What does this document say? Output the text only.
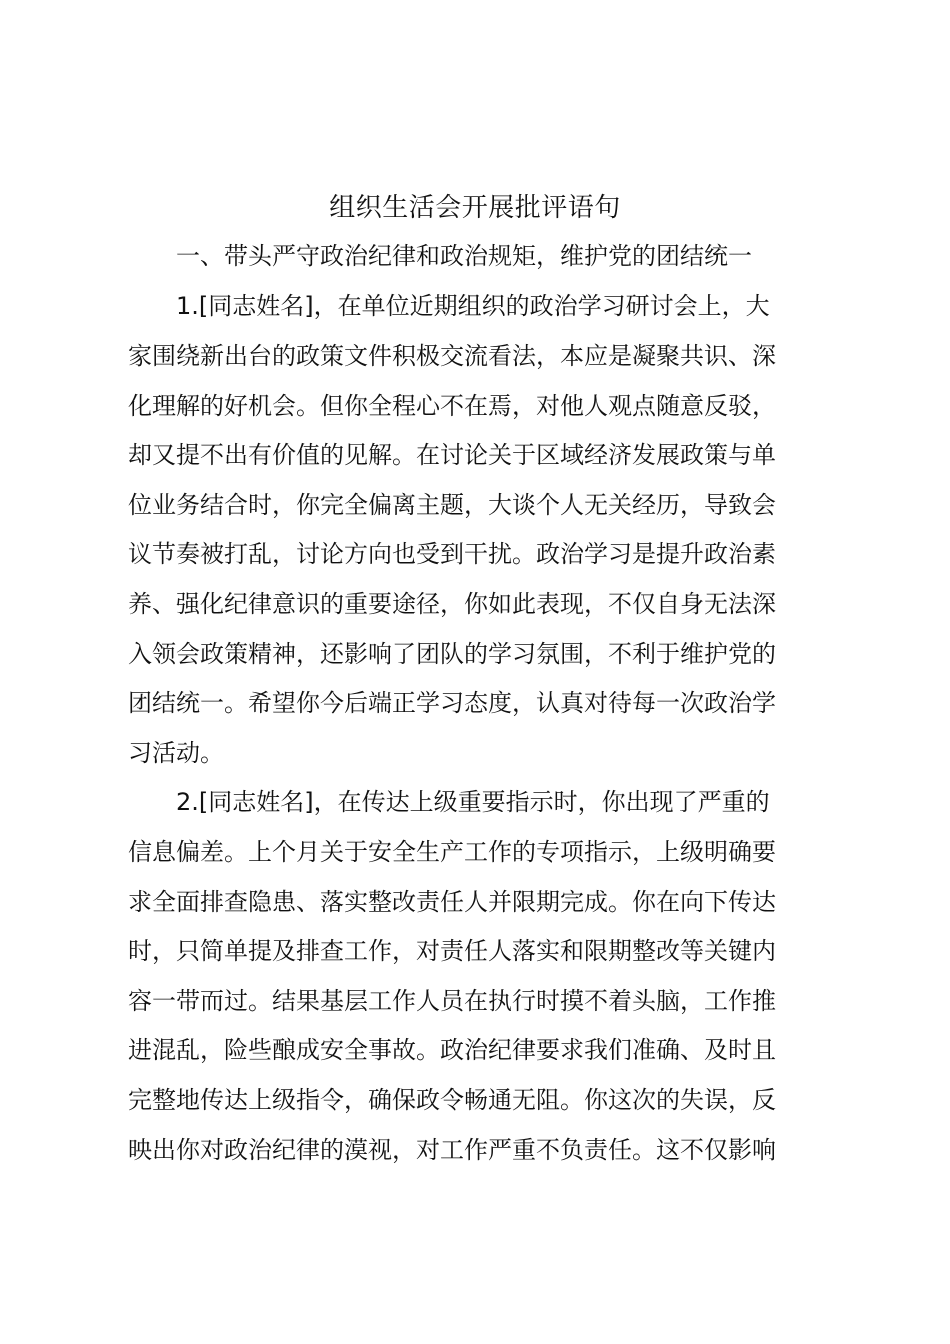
组织生活会开展批评语句
一、带头严守政治纪律和政治规矩，维护党的团结统一
1.[同志姓名]，在单位近期组织的政治学习研讨会上，大
家围绕新出台的政策文件积极交流看法，本应是凝聚共识、深
化理解的好机会。但你全程心不在焉，对他人观点随意反驳，
却又提不出有价值的见解。在讨论关于区域经济发展政策与单
位业务结合时，你完全偏离主题，大谈个人无关经历，导致会
议节奏被打乱，讨论方向也受到干扰。政治学习是提升政治素
养、强化纪律意识的重要途径，你如此表现，不仅自身无法深
入领会政策精神，还影响了团队的学习氛围，不利于维护党的
团结统一。希望你今后端正学习态度，认真对待每一次政治学
习活动。
2.[同志姓名]，在传达上级重要指示时，你出现了严重的
信息偏差。上个月关于安全生产工作的专项指示，上级明确要
求全面排查隐患、落实整改责任人并限期完成。你在向下传达
时，只简单提及排查工作，对责任人落实和限期整改等关键内
容一带而过。结果基层工作人员在执行时摸不着头脑，工作推
进混乱，险些酿成安全事故。政治纪律要求我们准确、及时且
完整地传达上级指令，确保政令畅通无阻。你这次的失误，反
映出你对政治纪律的漠视，对工作严重不负责任。这不仅影响
